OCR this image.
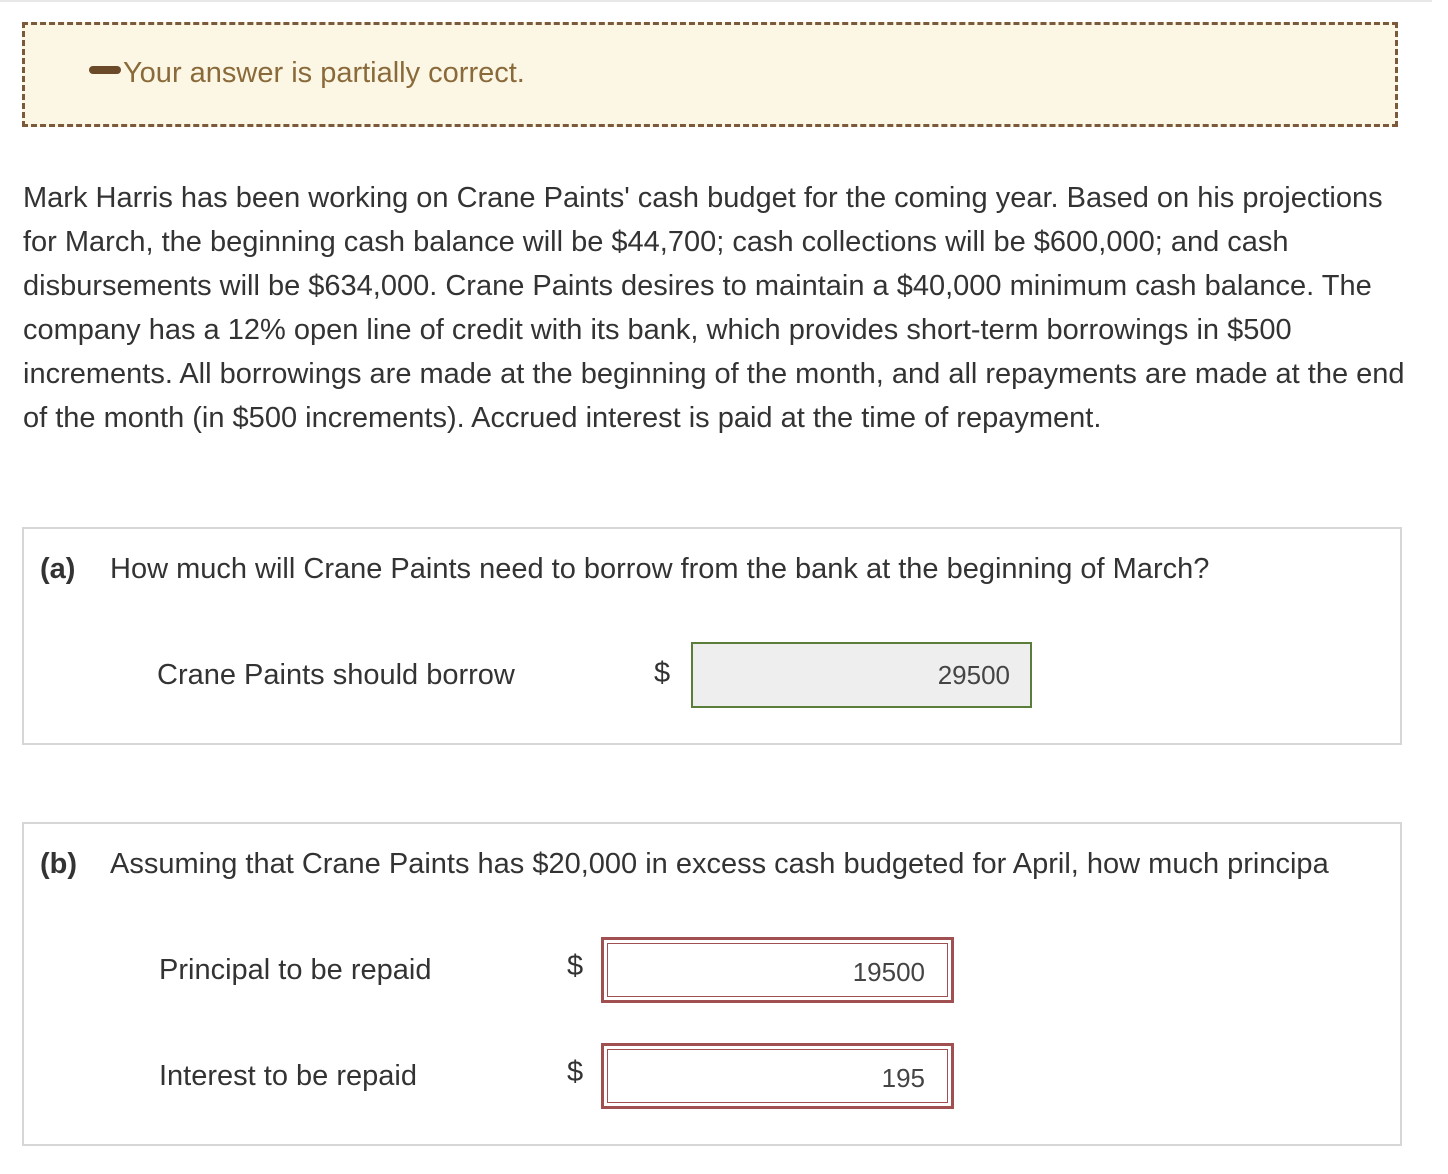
Your answer is partially correct.

Mark Harris has been working on Crane Paints' cash budget for the coming year. Based on his projections for March, the beginning cash balance will be $44,700; cash collections will be $600,000; and cash disbursements will be $634,000. Crane Paints desires to maintain a $40,000 minimum cash balance. The company has a 12% open line of credit with its bank, which provides short-term borrowings in $500 increments. All borrowings are made at the beginning of the month, and all repayments are made at the end of the month (in $500 increments). Accrued interest is paid at the time of repayment.

(a) How much will Crane Paints need to borrow from the bank at the beginning of March?
Crane Paints should borrow	$	29500
(b) Assuming that Crane Paints has $20,000 in excess cash budgeted for April, how much principa
Principal to be repaid	$	19500
Interest to be repaid	$	195
